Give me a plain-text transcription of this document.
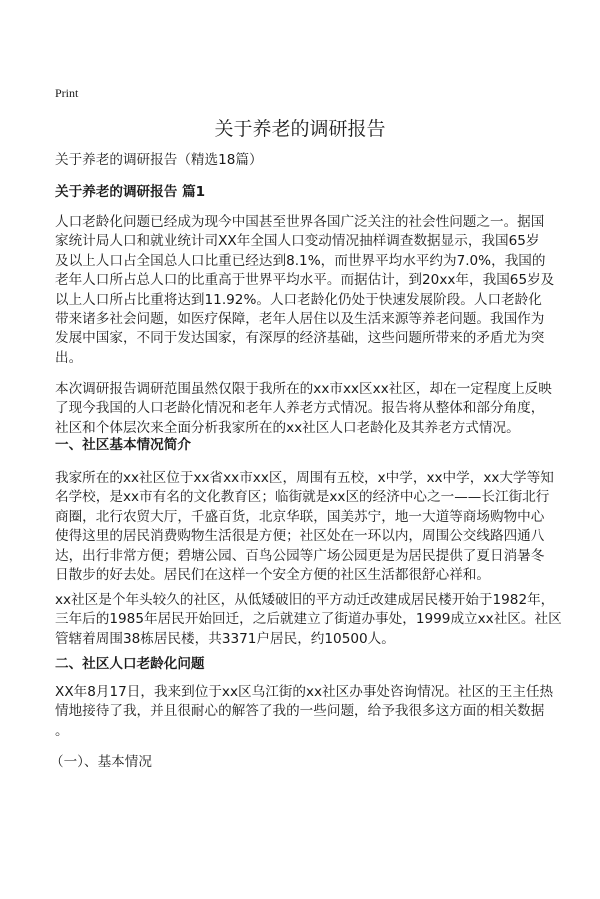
Print
关于养老的调研报告
关于养老的调研报告（精选18篇）
关于养老的调研报告 篇1
人口老龄化问题已经成为现今中国甚至世界各国广泛关注的社会性问题之一。据国
家统计局人口和就业统计司XX年全国人口变动情况抽样调查数据显示，我国65岁
及以上人口占全国总人口比重已经达到8.1%，而世界平均水平约为7.0%，我国的
老年人口所占总人口的比重高于世界平均水平。而据估计，到20xx年，我国65岁及
以上人口所占比重将达到11.92%。人口老龄化仍处于快速发展阶段。人口老龄化
带来诸多社会问题，如医疗保障，老年人居住以及生活来源等养老问题。我国作为
发展中国家，不同于发达国家，有深厚的经济基础，这些问题所带来的矛盾尤为突
出。
本次调研报告调研范围虽然仅限于我所在的xx市xx区xx社区，却在一定程度上反映
了现今我国的人口老龄化情况和老年人养老方式情况。报告将从整体和部分角度，
社区和个体层次来全面分析我家所在的xx社区人口老龄化及其养老方式情况。
一、社区基本情况简介
我家所在的xx社区位于xx省xx市xx区，周围有五校，x中学，xx中学，xx大学等知
名学校，是xx市有名的文化教育区；临街就是xx区的经济中心之一——长江街北行
商圈，北行农贸大厅，千盛百货，北京华联，国美苏宁，地一大道等商场购物中心
使得这里的居民消费购物生活很是方便；社区处在一环以内，周围公交线路四通八
达，出行非常方便；碧塘公园、百鸟公园等广场公园更是为居民提供了夏日消暑冬
日散步的好去处。居民们在这样一个安全方便的社区生活都很舒心祥和。
xx社区是个年头较久的社区，从低矮破旧的平方动迁改建成居民楼开始于1982年，
三年后的1985年居民开始回迁，之后就建立了街道办事处，1999成立xx社区。社区
管辖着周围38栋居民楼，共3371户居民，约10500人。
二、社区人口老龄化问题
XX年8月17日，我来到位于xx区乌江街的xx社区办事处咨询情况。社区的王主任热
情地接待了我，并且很耐心的解答了我的一些问题，给予我很多这方面的相关数据
。
（一）、基本情况
